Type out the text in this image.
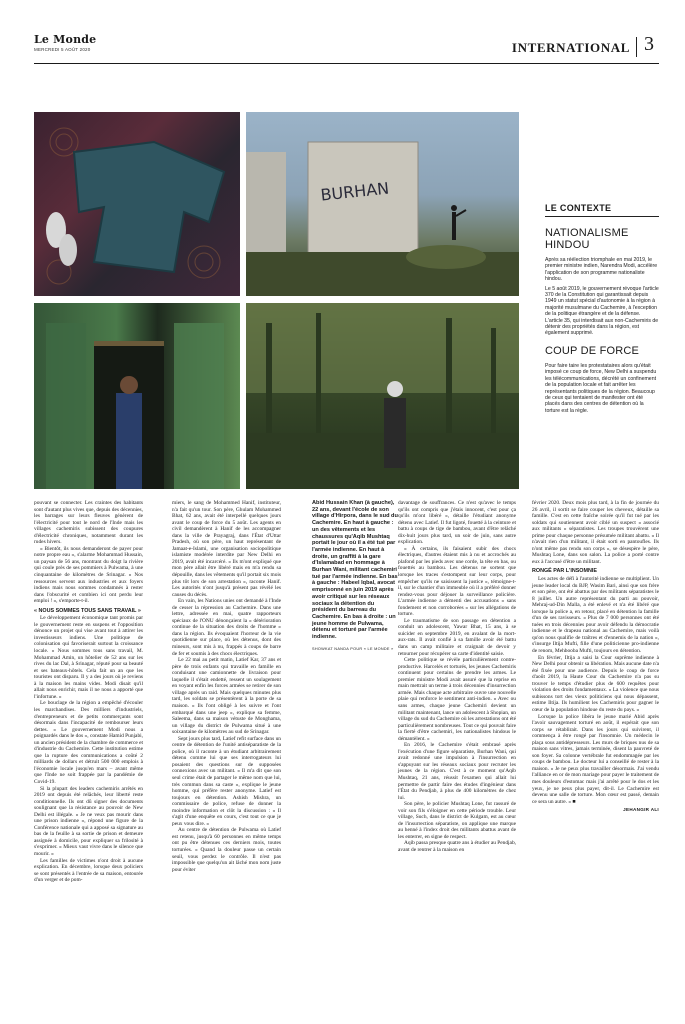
Le Monde
MERCREDI 5 AOÛT 2020	INTERNATIONAL 3
BURHAN
LE CONTEXTE
NATIONALISME HINDOU

Après sa réélection triomphale en mai 2019, le premier ministre indien, Narendra Modi, accélère l'application de son programme nationaliste hindou.

Le 5 août 2019, le gouvernement révoque l'article 370 de la Constitution qui garantissait depuis 1949 un statut spécial d'autonomie à la région à majorité musulmane du Cachemire, à l'exception de la politique étrangère et de la défense. L'article 35, qui interdisait aux non-Cachemiris de détenir des propriétés dans la région, est également supprimé.

COUP DE FORCE

Pour faire taire les protestataires alors qu'était imposé ce coup de force, New Delhi a suspendu les télécommunications, décrété un confinement de la population locale et fait arrêter les représentants politiques de la région. Beaucoup de ceux qui tentaient de manifester ont été placés dans des centres de détention où la torture est la règle.

pouvant se connecter. Les craintes des habitants sont d'autant plus vives que, depuis des décennies, les barrages sur leurs fleuves génèrent de l'électricité pour tout le nord de l'Inde mais les villages cachemiris subissent des coupures d'électricité chroniques, notamment durant les rudes hivers.

« Bientôt, ils nous demanderont de payer pour notre propre eau », s'alarme Mohammad Hussain, un paysan de 56 ans, montrant du doigt la rivière qui coule près de ses pommiers à Pulwama, à une cinquantaine de kilomètres de Srinagar. « Nos ressources servent aux industries et aux foyers indiens mais nous sommes condamnés à rester dans l'obscurité et combien ici ont perdu leur emploi ! », s'emporte-t-il.

« NOUS SOMMES TOUS SANS TRAVAIL »

Le développement économique tant promis par le gouvernement reste en suspens et l'opposition dénonce un projet qui vise avant tout à attirer les investisseurs indiens. Une politique de colonisation qui favoriserait surtout la croissance locale. « Nous sommes tous sans travail, M. Mohammad Amin, un hôtelier de 52 ans sur les rives du lac Dal, à Srinagar, réputé pour sa beauté et ses bateaux-hôtels. Cela fait un an que les touristes ont disparu. Il y a des jours où je reviens à la maison les mains vides. Modi disait qu'il allait nous enrichir, mais il ne nous a apporté que l'infortune. »

Le bouclage de la région a empêché d'écouler les marchandises. Des milliers d'industriels, d'entrepreneurs et de petits commerçants sont désormais dans l'incapacité de rembourser leurs dettes. « Le gouvernement Modi nous a poignardés dans le dos », constate Hamid Punjabi, un ancien président de la chambre de commerce et d'industrie du Cachemire. Cette institution estime que la rupture des communications a coûté 2 milliards de dollars et détruit 500 000 emplois à l'économie locale jusqu'en mars – avant même que l'Inde ne soit frappée par la pandémie de Covid-19.

Si la plupart des leaders cachemiris arrêtés en 2019 ont depuis été relâchés, leur liberté reste conditionnelle. Ils ont dû signer des documents soulignant que la résistance au pouvoir de New Delhi est illégale. « Je ne veux pas mourir dans une prison indienne », répond une figure de la Conférence nationale qui a apposé sa signature au bas de la feuille à sa sortie de prison et demeure assignée à domicile, pour expliquer sa frilosité à s'exprimer. « Mieux vaut vivre dans le silence que mourir. »

Les familles de victimes n'ont droit à aucune explication. En décembre, lorsque deux policiers se sont présentés à l'entrée de sa maison, entourée d'un verger et de pom-

miers, le sang de Mohammed Hanif, instituteur, n'a fait qu'un tour. Son père, Ghulam Mohammed Bhat, 62 ans, avait été interpellé quelques jours avant le coup de force du 5 août. Les agents en civil demandèrent à Hanif de les accompagner dans la ville de Prayagraj, dans l'État d'Uttar Pradesh, où son père, un haut représentant de Jamaat-e-Islami, une organisation sociopolitique islamiste modérée interdite par New Delhi en 2019, avait été incarcéré. « Ils m'ont expliqué que mon père allait être libéré mais en m'a rendu sa dépouille, dans les vêtements qu'il portait six mois plus tôt lors de son arrestation », raconte Hanif. Les autorités n'ont jusqu'à présent pas révélé les causes du décès.

En vain, les Nations unies ont demandé à l'Inde de cesser la répression au Cachemire. Dans une lettre, adressée en mai, quatre rapporteurs spéciaux de l'ONU dénonçaient la « détérioration continue de la situation des droits de l'homme » dans la région. Ils évoquaient l'horreur de la vie quotidienne sur place, où les détenus, dont des mineurs, sont mis à nu, frappés à coups de barre de fer et soumis à des chocs électriques.

Le 22 mai au petit matin, Latief Kar, 37 ans et père de trois enfants qui travaille en famille en conduisant une camionnette de livraison pour laquelle il s'était endetté, ressent un soulagement en voyant enfin les forces armées se retirer de son village après un raid. Mais quelques minutes plus tard, les soldats se présentèrent à la porte de sa maison. « Ils l'ont obligé à les suivre et l'ont embarqué dans une jeep », explique sa femme, Saleema, dans sa maison vétuste de Monghama, un village du district de Pulwama situé à une soixantaine de kilomètres au sud de Srinagar.

Sept jours plus tard, Latief refit surface dans un centre de détention de l'unité antiséparatiste de la police, où il raconte à un étudiant arbitrairement détenu comme lui que ses interrogateurs lui posaient des questions sur de supposées connexions avec un militant. « Il m'a dit que son seul crime était de partager le même nom que lui, très commun dans sa caste », explique le jeune homme, qui préfère rester anonyme. Latief est toujours en détention. Ashish Mishra, un commissaire de police, refuse de donner la moindre information et clôt la discussion : « Il s'agit d'une enquête en cours, c'est tout ce que je peux vous dire. »

Au centre de détention de Pulwama où Latief est retenu, jusqu'à 60 personnes en même temps ont pu être détenues ces derniers mois, toutes torturées. « Quand la douleur passe un certain seuil, vous perdez le contrôle. Il n'est pas impossible que quelqu'un ait lâché mon nom juste pour éviter

Abid Hussain Khan (à gauche), 22 ans, devant l'école de son village d'Hirpora, dans le sud du Cachemire. En haut à gauche : un des vêtements et les chaussures qu'Aqib Mushtaq portait le jour où il a été tué par l'armée indienne. En haut à droite, un graffiti à la gare d'Islamabad en hommage à Burhan Wani, militant cachemiri tué par l'armée indienne. En bas à gauche : Habeel Iqbal, avocat emprisonné en juin 2019 après avoir critiqué sur les réseaux sociaux la détention du président du barreau du Cachemire. En bas à droite : un jeune homme de Pulwama, détenu et torturé par l'armée indienne.

SHOWKAT NANDA POUR « LE MONDE »

davantage de souffrances. Ce n'est qu'avec le temps qu'ils ont compris que j'étais innocent, c'est pour ça qu'ils m'ont libéré », détaille l'étudiant anonyme détenu avec Latief. Il fut ligoté, fouetté à la ceinture et battu à coups de tige de bambou, avant d'être relâché dix-huit jours plus tard, un soir de juin, sans autre explication.

« À certains, ils faisaient subir des chocs électriques, d'autres étaient mis à nu et accrochés au plafond par les pieds avec une corde, la tête en bas, ou fouettés au bambou. Les détenus ne sortent que lorsque les traces s'estompent sur leur corps, pour empêcher qu'ils ne saisissent la justice », témoigne-t-il, sur le chantier d'un immeuble où il a préféré donner rendez-vous pour déjouer la surveillance policière. L'armée indienne a démenti des accusations « sans fondement et non corroborées » sur les allégations de torture.

Le traumatisme de son passage en détention a conduit un adolescent, Yawar Bhat, 15 ans, à se suicider en septembre 2019, en avalant de la mort-aux-rats. Il avait confié à sa famille avoir été battu dans un camp militaire et craignait de devoir y retourner pour récupérer sa carte d'identité saisie.

Cette politique se révèle particulièrement contre-productive. Harcelés et torturés, les jeunes Cachemiris continuent pour certains de prendre les armes. Le premier ministre Modi avait assuré que la reprise en main mettrait un terme à trois décennies d'insurrection armée. Mais chaque acte arbitraire ouvre une nouvelle plaie qui renforce le sentiment anti-indien. « Avec ou sans armes, chaque jeune Cachemiri devient un militant maintenant, lance un adolescent à Shopian, un village du sud du Cachemire où les arrestations ont été particulièrement nombreuses. Tout ce qui pouvait faire la fierté d'être cachemiri, les nationalistes hindous le démantèlent. »

En 2016, le Cachemire s'était embrasé après l'exécution d'une figure séparatiste, Burhan Wani, qui avait redonné une impulsion à l'insurrection en s'appuyant sur les réseaux sociaux pour recruter les jeunes de la région. C'est à ce moment qu'Aqib Mushtaq, 21 ans, réussit l'examen qui allait lui permettre de partir faire des études d'ingénieur dans l'État du Pendjab, à plus de 400 kilomètres de chez lui.

Son père, le policier Mushtaq Lone, fut rassuré de voir son fils s'éloigner en cette période trouble. Leur village, Such, dans le district de Kulgam, est au cœur de l'insurrection séparatiste, on applique une marque au henné à l'index droit des militants abattus avant de les enterrer, en signe de respect.

Aqib passa presque quatre ans à étudier au Pendjab, avant de rentrer à la maison en

février 2020. Deux mois plus tard, à la fin de journée du 26 avril, il sortit se faire couper les cheveux, détaille sa famille. C'est en cette fraîche soirée qu'il fut tué par les soldats qui soutiennent avoir ciblé un suspect « associé aux militants » séparatistes. Les troupes trouvèrent une prime pour chaque personne présumée militant abattu. « Il n'avait rien d'un militant, il était sorti en pantoufles. Ils n'ont même pas rendu son corps », se désespère le père, Mushtaq Lone, dans son salon. La police a porté contre eux à l'accusé d'être un militant.

RONGÉ PAR L'INSOMNIE

Les actes de défi à l'autorité indienne se multiplient. Un jeune leader local du BJP, Wasim Bari, ainsi que son frère et son père, ont été abattus par des militants séparatistes le 8 juillet. Un autre représentant du parti au pouvoir, Mehraj-ud-Din Malla, a été enlevé et n'a été libéré que lorsque la police a, en retour, placé en détention la famille d'un de ses ravisseurs. « Plus de 7 000 personnes ont été tuées en trois décennies pour avoir défendu la démocratie indienne et le drapeau national au Cachemire, mais voilà qu'on nous qualifie de traîtres et d'ennemis de la nation », s'insurge Iltija Mufti, fille d'une politicienne pro-indienne de renom, Mehbooba Mufti, toujours en détention.

En février, Iltija a saisi la Cour suprême indienne à New Delhi pour obtenir sa libération. Mais aucune date n'a été fixée pour une audience. Depuis le coup de force d'août 2019, la Haute Cour du Cachemire n'a pas su trouver le temps d'étudier plus de 600 requêtes pour violation des droits fondamentaux. « La violence que nous subissons tort des vieux politiciens qui nous dépassent, estime Iltija. Ils humilient les Cachemiris pour gagner le cœur de la population hindoue du reste du pays. »

Lorsque la police libéra le jeune marié Abid après l'avoir sauvagement torturé en août, il espérait que son corps se rétablirait. Dans les jours qui suivirent, il commença à être rongé par l'insomnie. Un médecin le plaça sous antidépresseurs. Les murs de briques nus de sa maison sans vitres, jamais terminée, disent la pauvreté de son foyer. Sa colonne vertébrale fut endommagée par les coups de bambou. Le docteur lui a conseillé de rester à la maison. « Je ne peux plus travailler désormais. J'ai vendu l'alliance en or de mon mariage pour payer le traitement de mes douleurs d'estomac mais j'ai arrêté pour le dos et les yeux, je ne peux plus payer, dit-il. Le Cachemire est devenu une salle de torture. Mon cœur est passé, demain ce sera un autre. » ■

JEHANGIR ALI
